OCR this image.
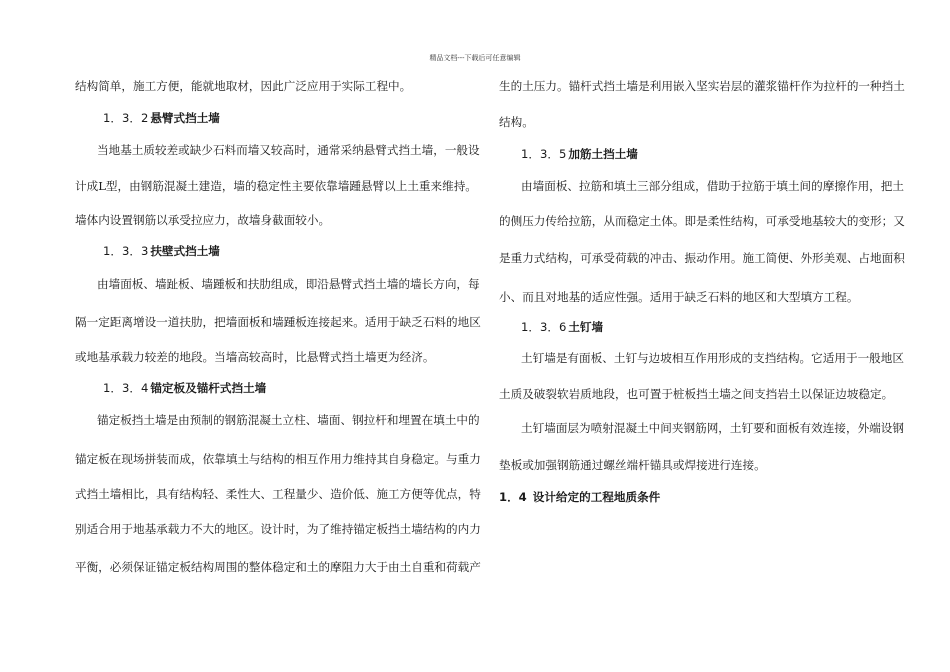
精品文档---下载后可任意编辑
结构简单，施工方便，能就地取材，因此广泛应用于实际工程中。
1．3．2 悬臂式挡土墙
当地基土质较差或缺少石料而墙又较高时，通常采纳悬臂式挡土墙，一般设
计成L型，由钢筋混凝土建造，墙的稳定性主要依靠墙踵悬臂以上土重来维持。
墙体内设置钢筋以承受拉应力，故墙身截面较小。
1．3．3 扶壁式挡土墙
由墙面板、墙趾板、墙踵板和扶肋组成，即沿悬臂式挡土墙的墙长方向，每
隔一定距离增设一道扶肋，把墙面板和墙踵板连接起来。适用于缺乏石料的地区
或地基承载力较差的地段。当墙高较高时，比悬臂式挡土墙更为经济。
1．3．4 锚定板及锚杆式挡土墙
锚定板挡土墙是由预制的钢筋混凝土立柱、墙面、钢拉杆和埋置在填土中的
锚定板在现场拼装而成，依靠填土与结构的相互作用力维持其自身稳定。与重力
式挡土墙相比，具有结构轻、柔性大、工程量少、造价低、施工方便等优点，特
别适合用于地基承载力不大的地区。设计时，为了维持锚定板挡土墙结构的内力
平衡，必须保证锚定板结构周围的整体稳定和土的摩阻力大于由土自重和荷载产
生的土压力。锚杆式挡土墙是利用嵌入坚实岩层的灌浆锚杆作为拉杆的一种挡土
结构。
1．3．5 加筋土挡土墙
由墙面板、拉筋和填土三部分组成，借助于拉筋于填土间的摩擦作用，把土
的侧压力传给拉筋，从而稳定土体。即是柔性结构，可承受地基较大的变形；又
是重力式结构，可承受荷载的冲击、振动作用。施工简便、外形美观、占地面积
小、而且对地基的适应性强。适用于缺乏石料的地区和大型填方工程。
1．3．6 土钉墙
土钉墙是有面板、土钉与边坡相互作用形成的支挡结构。它适用于一般地区
土质及破裂软岩质地段，也可置于桩板挡土墙之间支挡岩土以保证边坡稳定。
土钉墙面层为喷射混凝土中间夹钢筋网，土钉要和面板有效连接，外端设钢
垫板或加强钢筋通过螺丝端杆锚具或焊接进行连接。
1．4 设计给定的工程地质条件
